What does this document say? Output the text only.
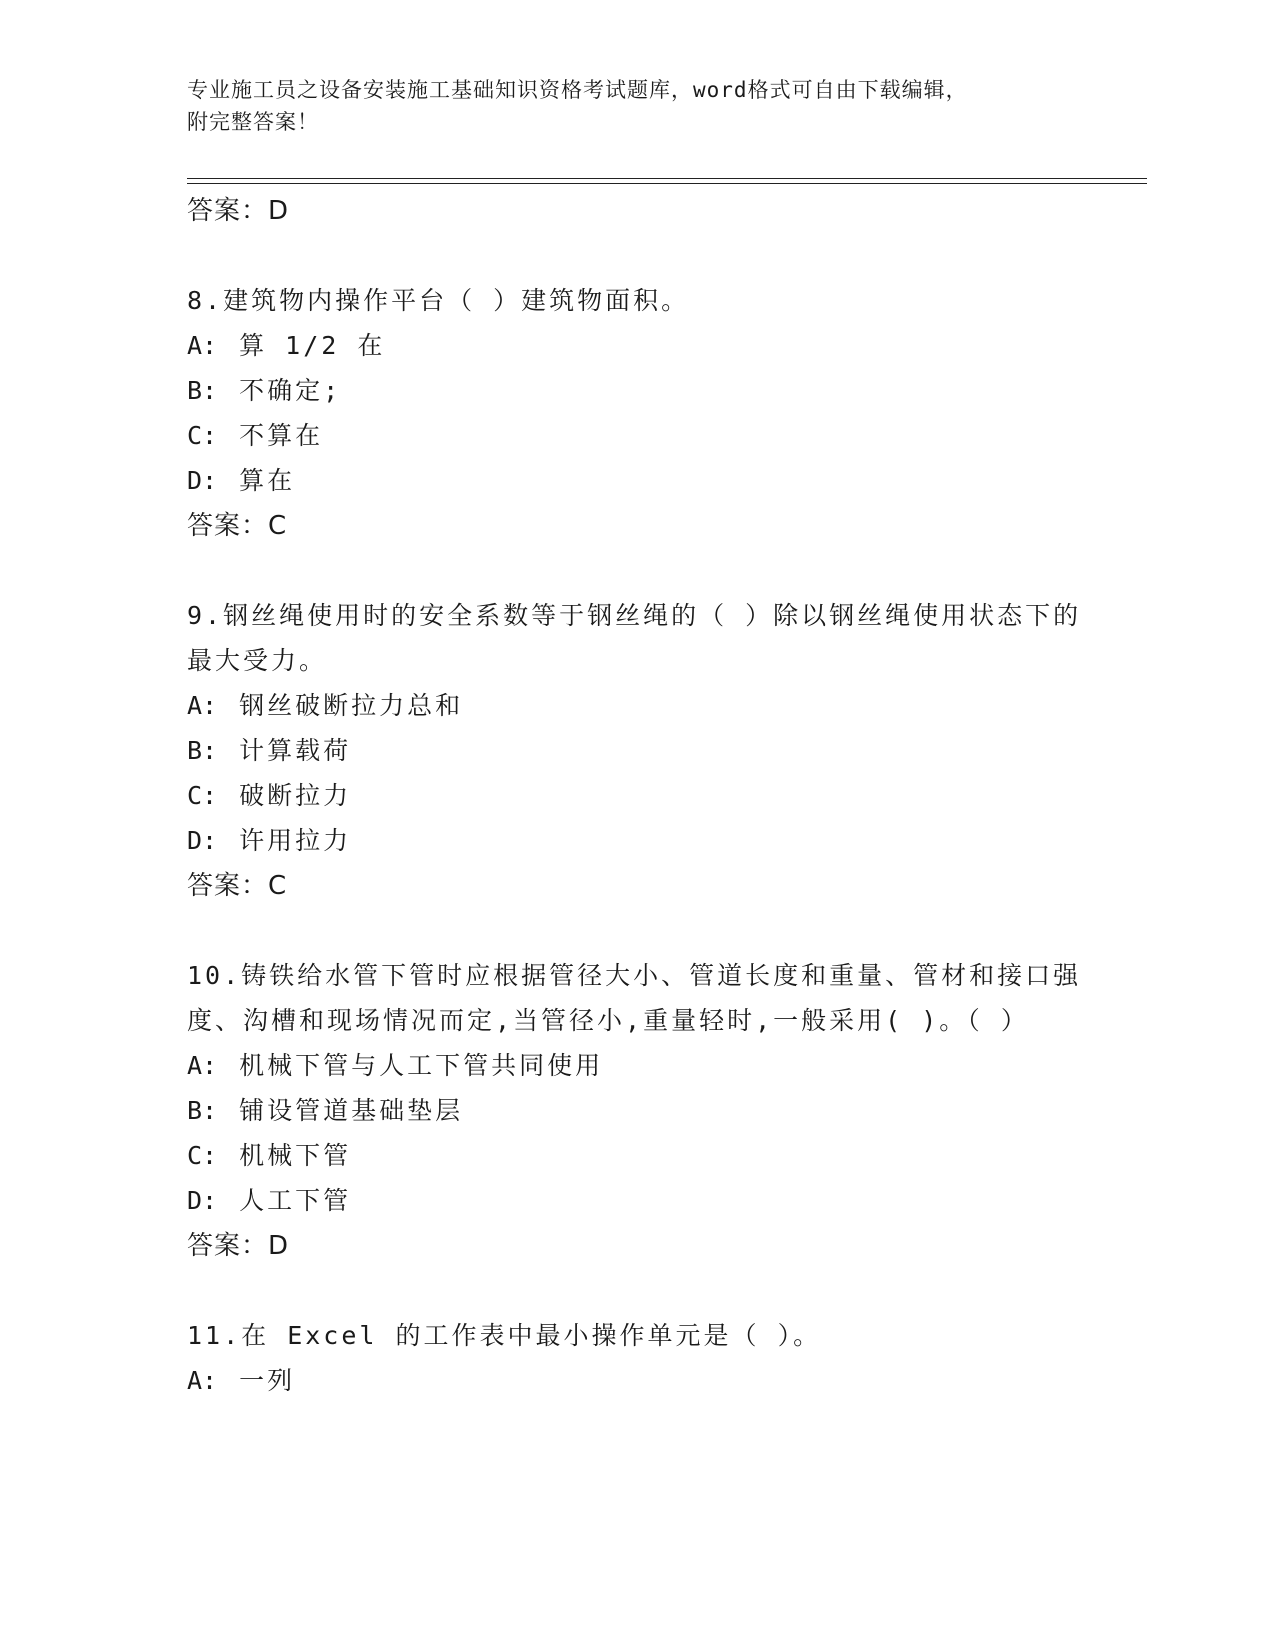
专业施工员之设备安装施工基础知识资格考试题库，word格式可自由下载编辑，
附完整答案！
答案：D
8.建筑物内操作平台（ ）建筑物面积。
A: 算 1/2 在
B: 不确定;
C: 不算在
D: 算在
答案：C
9.钢丝绳使用时的安全系数等于钢丝绳的（ ）除以钢丝绳使用状态下的最大受力。
A: 钢丝破断拉力总和
B: 计算载荷
C: 破断拉力
D: 许用拉力
答案：C
10.铸铁给水管下管时应根据管径大小、管道长度和重量、管材和接口强度、沟槽和现场情况而定,当管径小,重量轻时,一般采用( )。（ ）
A: 机械下管与人工下管共同使用
B: 铺设管道基础垫层
C: 机械下管
D: 人工下管
答案：D
11.在 Excel 的工作表中最小操作单元是（ ）。
A: 一列
